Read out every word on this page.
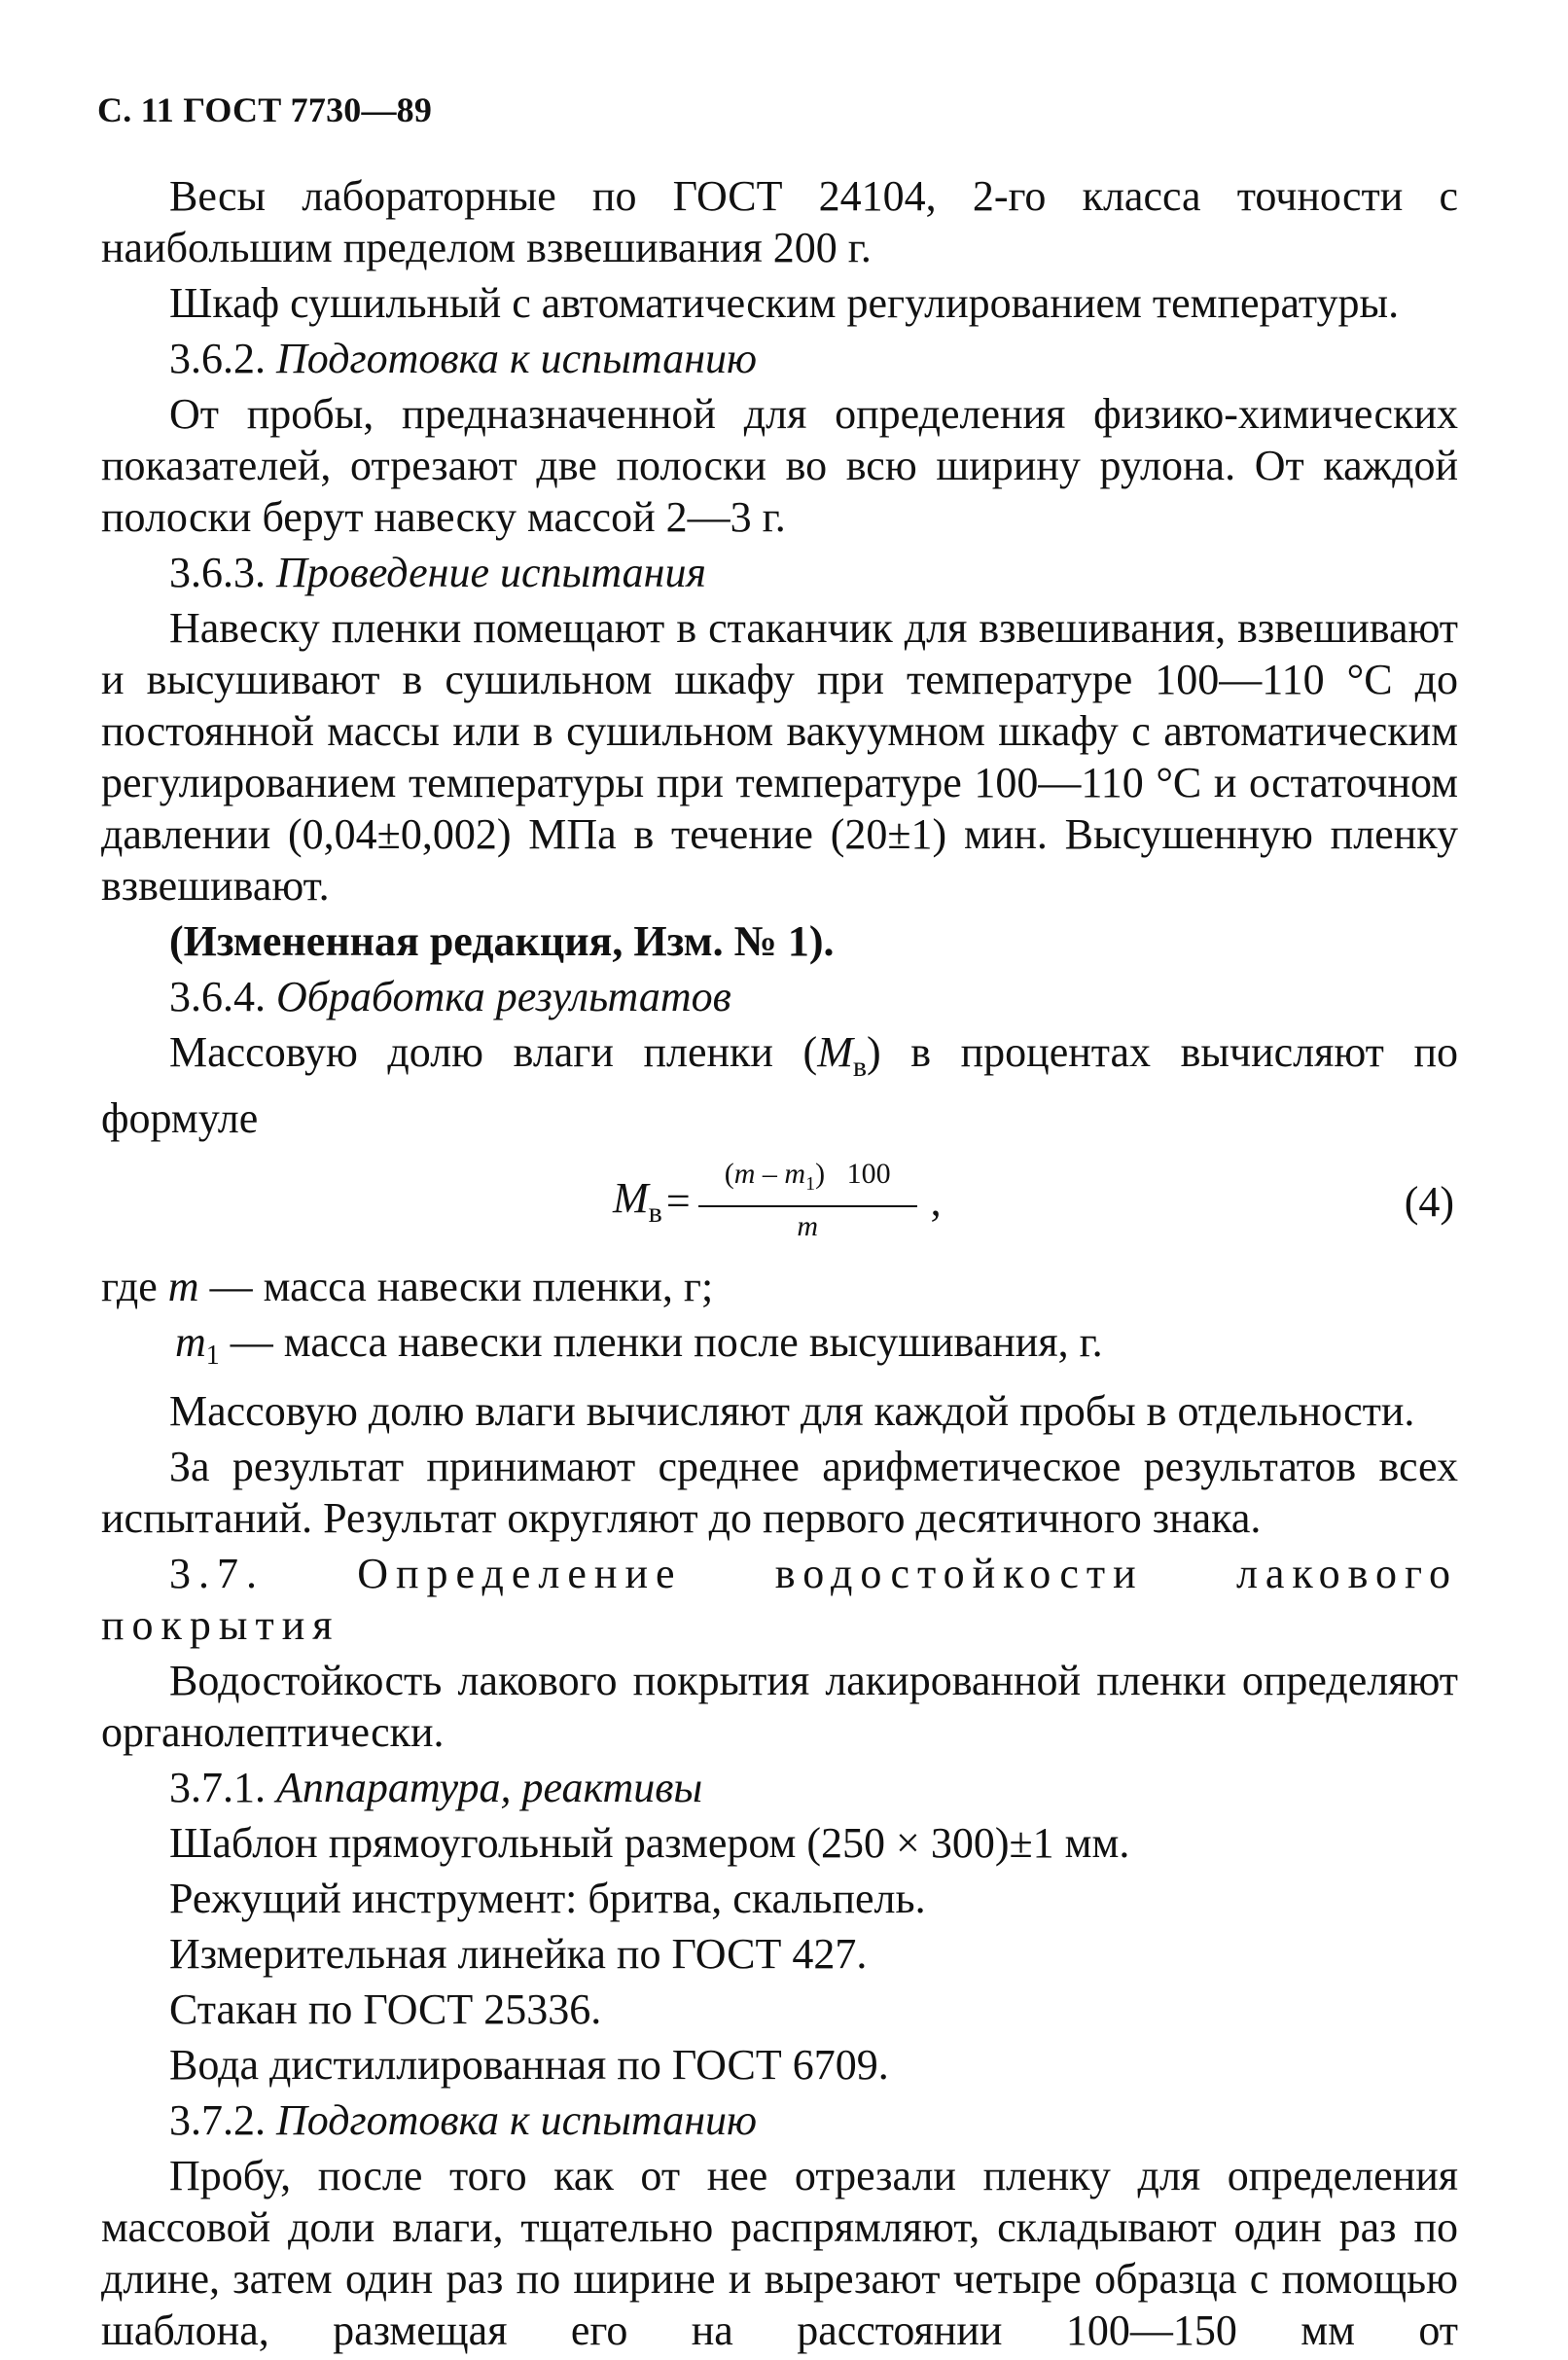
С. 11 ГОСТ 7730—89

Весы лабораторные по ГОСТ 24104, 2-го класса точности с наибольшим пределом взвешивания 200 г.

Шкаф сушильный с автоматическим регулированием температуры.

3.6.2. Подготовка к испытанию

От пробы, предназначенной для определения физико-химических показателей, отрезают две полоски во всю ширину рулона. От каждой полоски берут навеску массой 2—3 г.

3.6.3. Проведение испытания

Навеску пленки помещают в стаканчик для взвешивания, взвешивают и высушивают в сушильном шкафу при температуре 100—110 °С до постоянной массы или в сушильном вакуумном шкафу с автоматическим регулированием температуры при температуре 100—110 °С и остаточном давлении (0,04±0,002) МПа в течение (20±1) мин. Высушенную пленку взвешивают.

(Измененная редакция, Изм. № 1).

3.6.4. Обработка результатов

Массовую долю влаги пленки $(M_в)$ в процентах вычисляют по формуле

$M_в = \frac{(m - m_1) 100}{m}$ ,	(4)
где m — масса навески пленки, г;
$m_1$ — масса навески пленки после высушивания, г.

Массовую долю влаги вычисляют для каждой пробы в отдельности.

За результат принимают среднее арифметическое результатов всех испытаний. Результат округляют до первого десятичного знака.

3.7. Определение водостойкости лакового покрытия

Водостойкость лакового покрытия лакированной пленки определяют органолептически.

3.7.1. Аппаратура, реактивы

Шаблон прямоугольный размером (250 × 300)±1 мм.

Режущий инструмент: бритва, скальпель.

Измерительная линейка по ГОСТ 427.

Стакан по ГОСТ 25336.

Вода дистиллированная по ГОСТ 6709.

3.7.2. Подготовка к испытанию

Пробу, после того как от нее отрезали пленку для определения массовой доли влаги, тщательно распрямляют, складывают один раз по длине, затем один раз по ширине и вырезают четыре образца с помощью шаблона, размещая его на расстоянии 100—150 мм от
